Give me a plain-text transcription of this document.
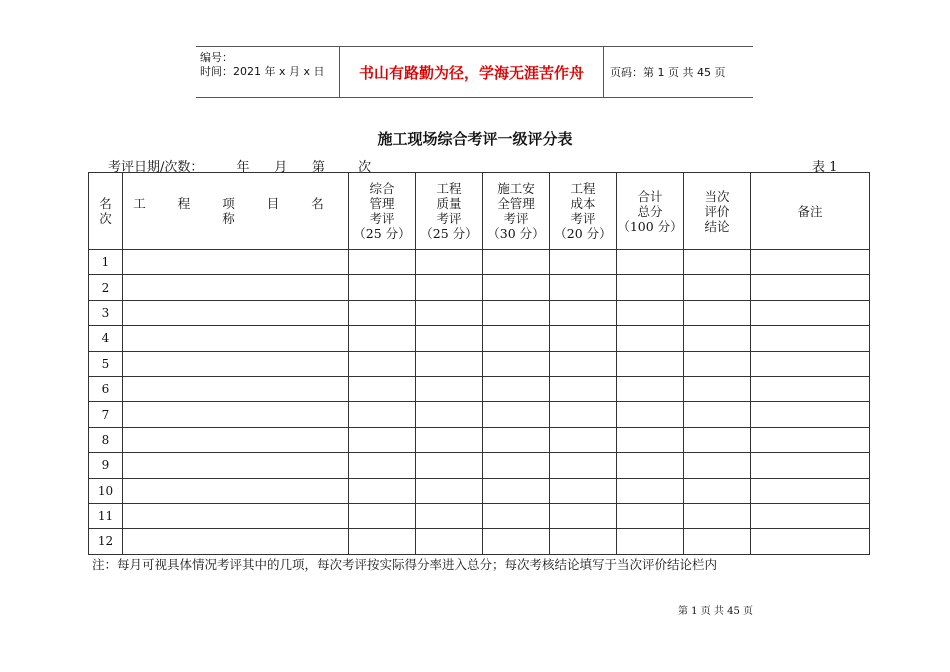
编号：
时间：2021 年 x 月 x 日	书山有路勤为径，学海无涯苦作舟	页码：第 1 页 共 45 页
施工现场综合考评一级评分表
考评日期/次数：        年      月      第        次	表 1
名
次	工 程 项 目 名 称	综合
管理
考评
（25 分）	工程
质量
考评
（25 分）	施工安
全管理
考评
（30 分）	工程
成本
考评
（20 分）	合计
总分
（100 分）	当次
评价
结论	备注
1								
2								
3								
4								
5								
6								
7								
8								
9								
10								
11								
12								
注：每月可视具体情况考评其中的几项，每次考评按实际得分率进入总分；每次考核结论填写于当次评价结论栏内
第 1 页 共 45 页
